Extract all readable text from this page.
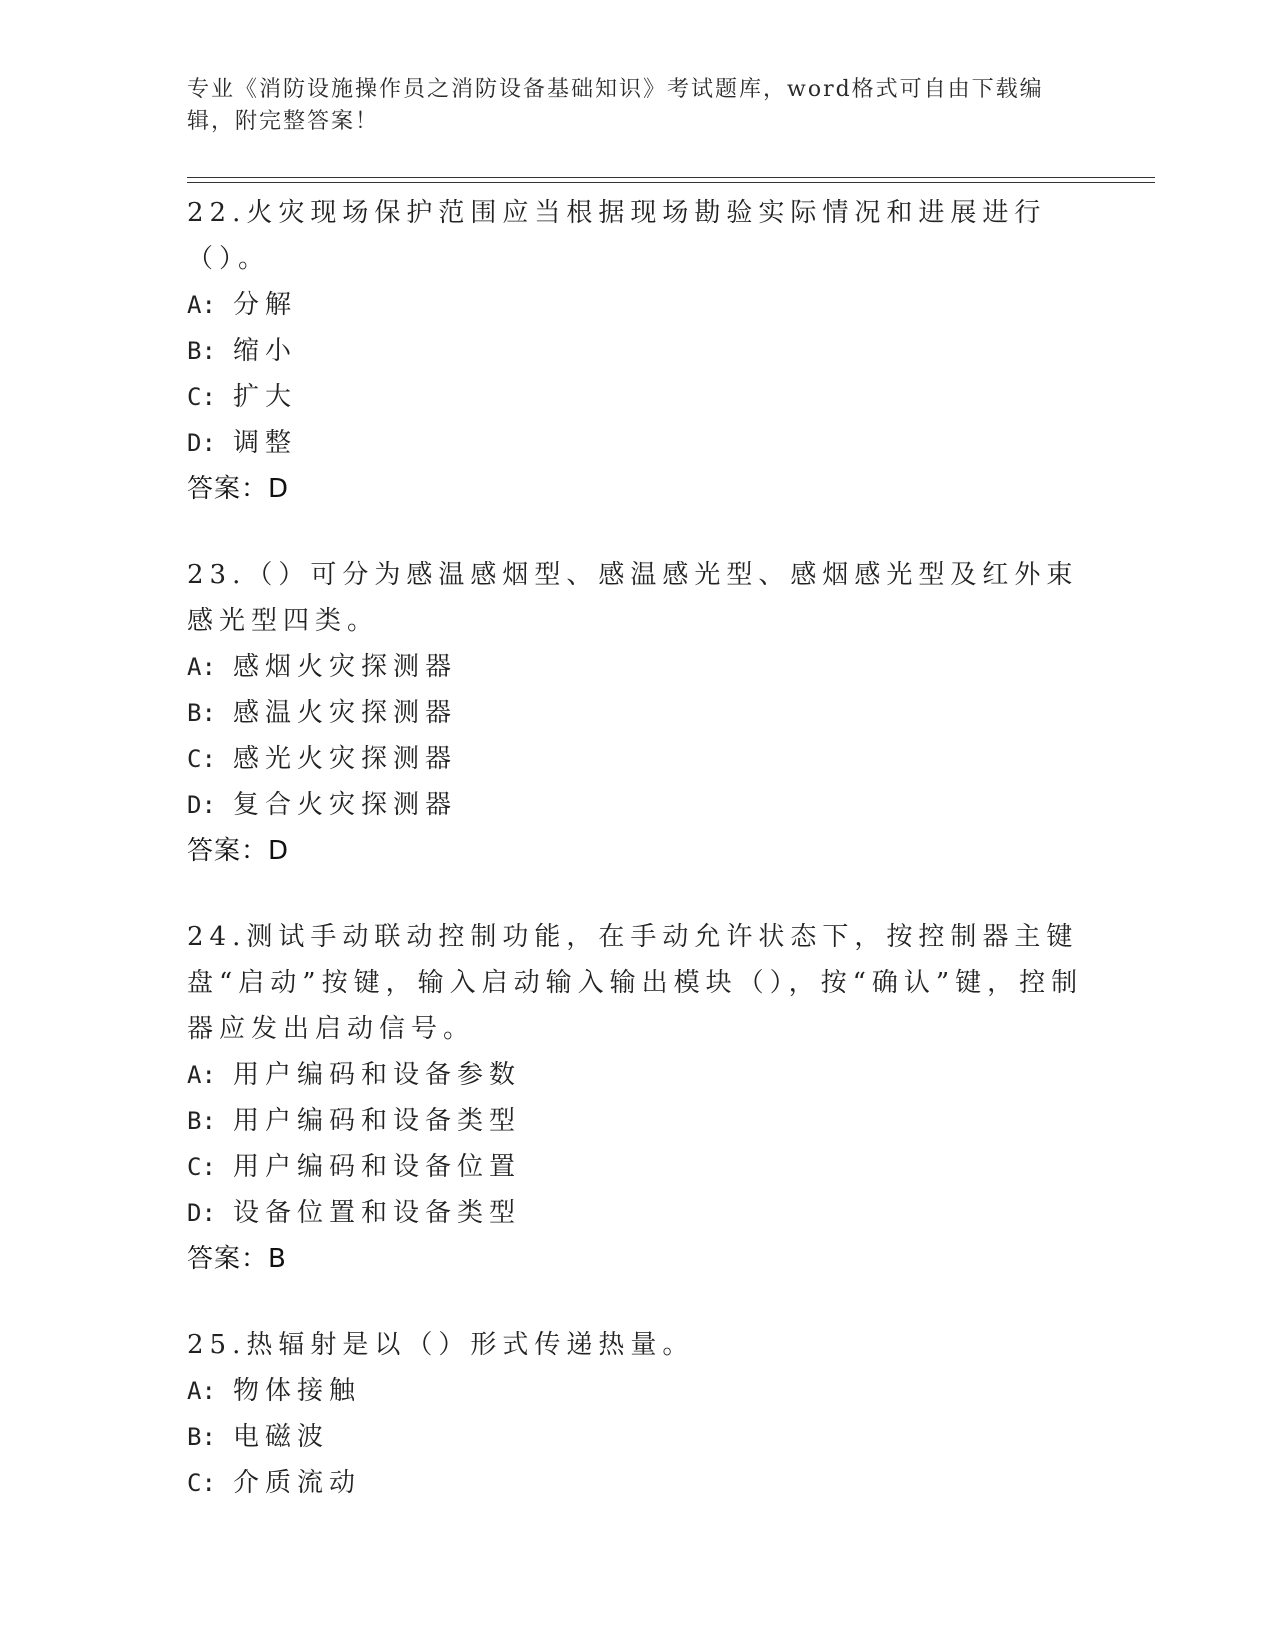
专业《消防设施操作员之消防设备基础知识》考试题库，word格式可自由下载编辑，附完整答案！

22.火灾现场保护范围应当根据现场勘验实际情况和进展进行（）。

A: 分解
B: 缩小
C: 扩大
D: 调整
答案：D

23.（）可分为感温感烟型、感温感光型、感烟感光型及红外束感光型四类。

A: 感烟火灾探测器
B: 感温火灾探测器
C: 感光火灾探测器
D: 复合火灾探测器
答案：D

24.测试手动联动控制功能，在手动允许状态下，按控制器主键盘“启动”按键，输入启动输入输出模块（），按“确认”键，控制器应发出启动信号。

A: 用户编码和设备参数
B: 用户编码和设备类型
C: 用户编码和设备位置
D: 设备位置和设备类型
答案：B

25.热辐射是以（）形式传递热量。

A: 物体接触
B: 电磁波
C: 介质流动
